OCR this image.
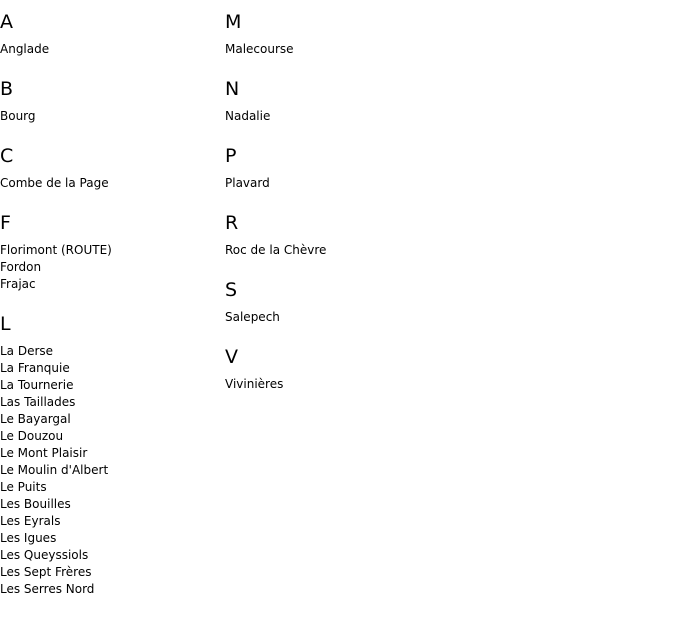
A
Anglade
B
Bourg
C
Combe de la Page
F
Florimont (ROUTE)
Fordon
Frajac
L
La Derse
La Franquie
La Tournerie
Las Taillades
Le Bayargal
Le Douzou
Le Mont Plaisir
Le Moulin d'Albert
Le Puits
Les Bouilles
Les Eyrals
Les Igues
Les Queyssiols
Les Sept Frères
Les Serres Nord
M
Malecourse
N
Nadalie
P
Plavard
R
Roc de la Chèvre
S
Salepech
V
Vivinières
